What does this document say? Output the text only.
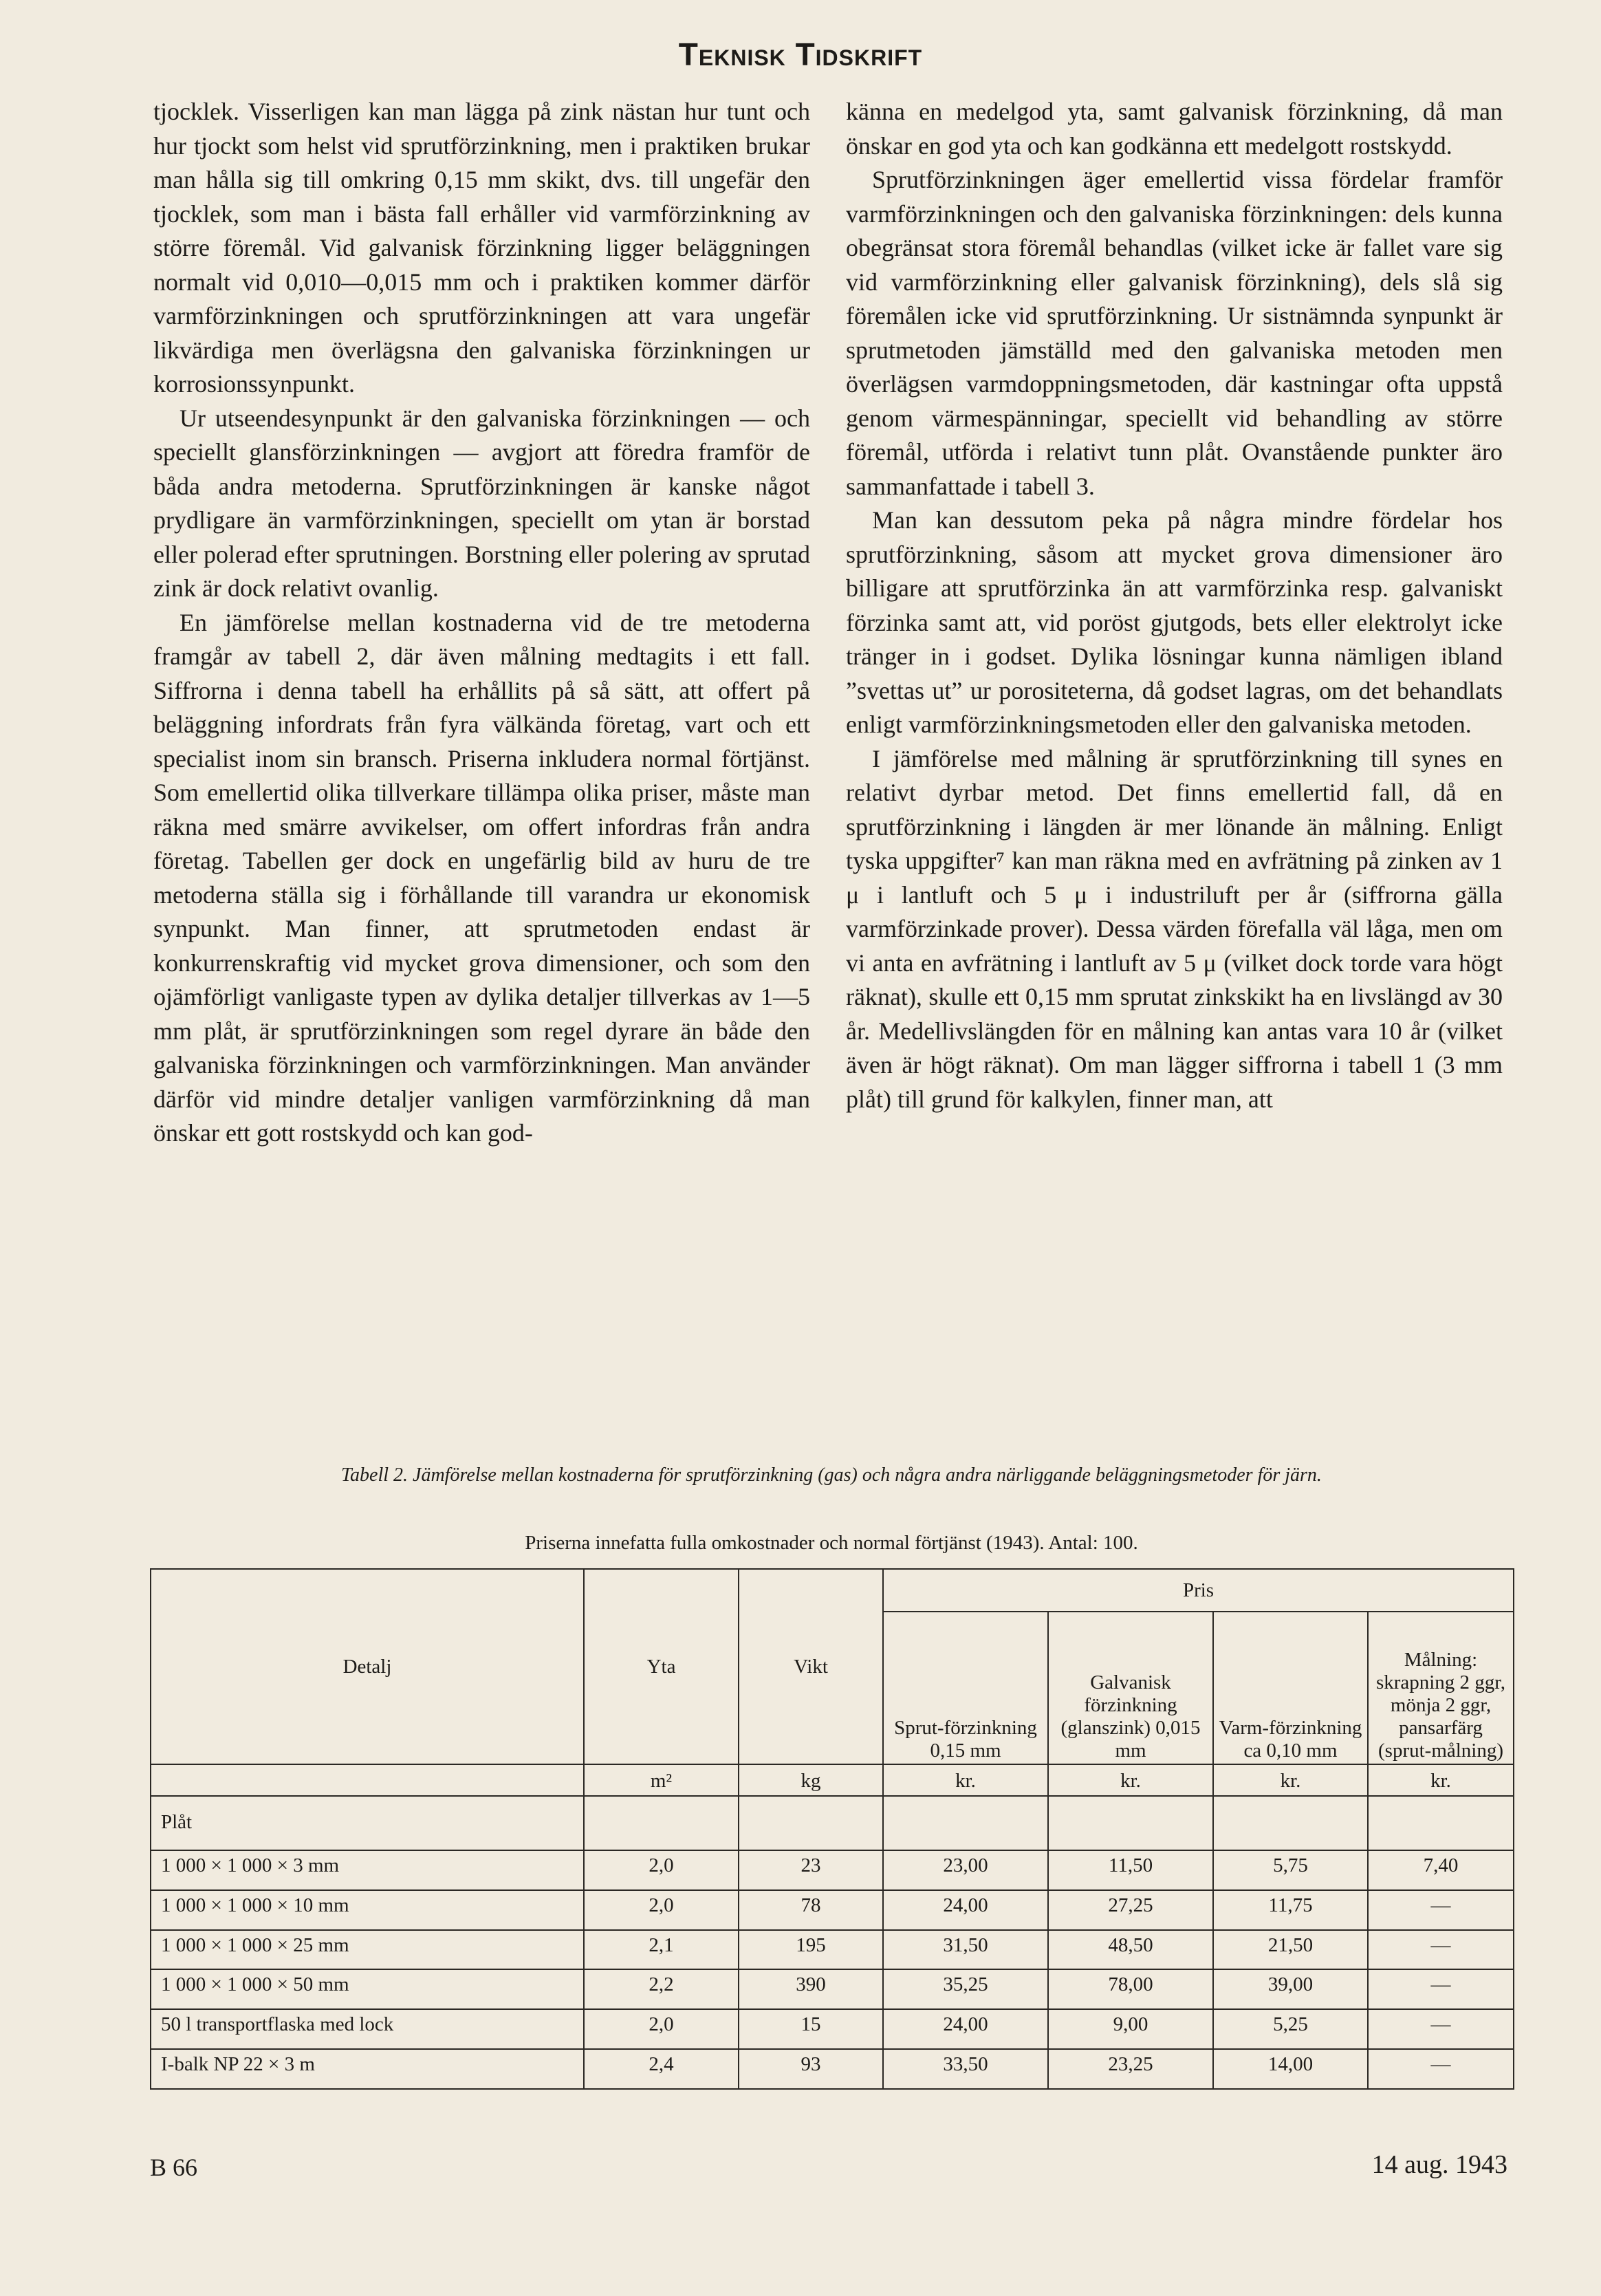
Teknisk Tidskrift

tjocklek. Visserligen kan man lägga på zink nästan hur tunt och hur tjockt som helst vid sprutförzinkning, men i praktiken brukar man hålla sig till omkring 0,15 mm skikt, dvs. till ungefär den tjocklek, som man i bästa fall erhåller vid varmförzinkning av större föremål. Vid galvanisk förzinkning ligger beläggningen normalt vid 0,010—0,015 mm och i praktiken kommer därför varmförzinkningen och sprutförzinkningen att vara ungefär likvärdiga men överlägsna den galvaniska förzinkningen ur korrosionssynpunkt.

Ur utseendesynpunkt är den galvaniska förzinkningen — och speciellt glansförzinkningen — avgjort att föredra framför de båda andra metoderna. Sprutförzinkningen är kanske något prydligare än varmförzinkningen, speciellt om ytan är borstad eller polerad efter sprutningen. Borstning eller polering av sprutad zink är dock relativt ovanlig.

En jämförelse mellan kostnaderna vid de tre metoderna framgår av tabell 2, där även målning medtagits i ett fall. Siffrorna i denna tabell ha erhållits på så sätt, att offert på beläggning infordrats från fyra välkända företag, vart och ett specialist inom sin bransch. Priserna inkludera normal förtjänst. Som emellertid olika tillverkare tillämpa olika priser, måste man räkna med smärre avvikelser, om offert infordras från andra företag. Tabellen ger dock en ungefärlig bild av huru de tre metoderna ställa sig i förhållande till varandra ur ekonomisk synpunkt. Man finner, att sprutmetoden endast är konkurrenskraftig vid mycket grova dimensioner, och som den ojämförligt vanligaste typen av dylika detaljer tillverkas av 1—5 mm plåt, är sprutförzinkningen som regel dyrare än både den galvaniska förzinkningen och varmförzinkningen. Man använder därför vid mindre detaljer vanligen varmförzinkning då man önskar ett gott rostskydd och kan god-

känna en medelgod yta, samt galvanisk förzinkning, då man önskar en god yta och kan godkänna ett medelgott rostskydd.

Sprutförzinkningen äger emellertid vissa fördelar framför varmförzinkningen och den galvaniska förzinkningen: dels kunna obegränsat stora föremål behandlas (vilket icke är fallet vare sig vid varmförzinkning eller galvanisk förzinkning), dels slå sig föremålen icke vid sprutförzinkning. Ur sistnämnda synpunkt är sprutmetoden jämställd med den galvaniska metoden men överlägsen varmdoppningsmetoden, där kastningar ofta uppstå genom värmespänningar, speciellt vid behandling av större föremål, utförda i relativt tunn plåt. Ovanstående punkter äro sammanfattade i tabell 3.

Man kan dessutom peka på några mindre fördelar hos sprutförzinkning, såsom att mycket grova dimensioner äro billigare att sprutförzinka än att varmförzinka resp. galvaniskt förzinka samt att, vid poröst gjutgods, bets eller elektrolyt icke tränger in i godset. Dylika lösningar kunna nämligen ibland ”svettas ut” ur porositeterna, då godset lagras, om det behandlats enligt varmförzinkningsmetoden eller den galvaniska metoden.

I jämförelse med målning är sprutförzinkning till synes en relativt dyrbar metod. Det finns emellertid fall, då en sprutförzinkning i längden är mer lönande än målning. Enligt tyska uppgifter⁷ kan man räkna med en avfrätning på zinken av 1 μ i lantluft och 5 μ i industriluft per år (siffrorna gälla varmförzinkade prover). Dessa värden förefalla väl låga, men om vi anta en avfrätning i lantluft av 5 μ (vilket dock torde vara högt räknat), skulle ett 0,15 mm sprutat zinkskikt ha en livslängd av 30 år. Medellivslängden för en målning kan antas vara 10 år (vilket även är högt räknat). Om man lägger siffrorna i tabell 1 (3 mm plåt) till grund för kalkylen, finner man, att

Tabell 2. Jämförelse mellan kostnaderna för sprutförzinkning (gas) och några andra närliggande beläggningsmetoder för järn.
Priserna innefatta fulla omkostnader och normal förtjänst (1943). Antal: 100.
Detalj	Yta	Vikt	Pris			
			Sprut-förzinkning 0,15 mm	Galvanisk förzinkning (glanszink) 0,015 mm	Varm-förzinkning ca 0,10 mm	Målning: skrapning 2 ggr, mönja 2 ggr, pansarfärg (sprut-målning)
	m²	kg	kr.	kr.	kr.	kr.
Plåt						
1 000 × 1 000 × 3 mm	2,0	23	23,00	11,50	5,75	7,40
1 000 × 1 000 × 10 mm	2,0	78	24,00	27,25	11,75	—
1 000 × 1 000 × 25 mm	2,1	195	31,50	48,50	21,50	—
1 000 × 1 000 × 50 mm	2,2	390	35,25	78,00	39,00	—
50 l transportflaska med lock	2,0	15	24,00	9,00	5,25	—
I-balk NP 22 × 3 m	2,4	93	33,50	23,25	14,00	—
B 66	14 aug. 1943
